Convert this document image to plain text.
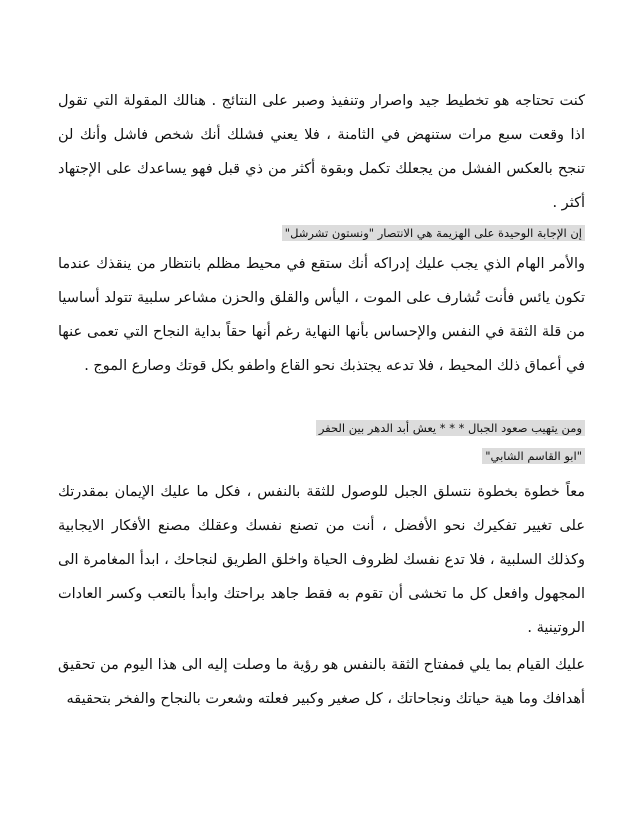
كنت تحتاجه هو تخطيط جيد واصرار وتنفيذ وصبر على النتائج . هنالك المقولة التي تقول اذا وقعت سبع مرات ستنهض في الثامنة ، فلا يعني فشلك أنك شخص فاشل وأنك لن تنجح بالعكس الفشل من يجعلك تكمل وبقوة أكثر من ذي قبل فهو يساعدك على الإجتهاد أكثر .

إن الإجابة الوحيدة على الهزيمة هي الانتصار "ونستون تشرشل"

والأمر الهام الذي يجب عليك إدراكه أنك ستقع في محيط مظلم بانتظار من ينقذك عندما تكون يائس فأنت تُشارف على الموت ، اليأس والقلق والحزن مشاعر سلبية تتولد أساسيا من قلة الثقة في النفس والإحساس بأنها النهاية رغم أنها حقاً بداية النجاح التي تعمى عنها في أعماق ذلك المحيط ، فلا تدعه يجتذبك نحو القاع واطفو بكل قوتك وصارع الموج .

ومن يتهيب صعود الجبال * * * يعش أبد الدهر بين الحفر

"ابو القاسم الشابي"

معاً خطوة بخطوة نتسلق الجبل للوصول للثقة بالنفس ، فكل ما عليك الإيمان بمقدرتك على تغيير تفكيرك نحو الأفضل ، أنت من تصنع نفسك وعقلك مصنع الأفكار الايجابية وكذلك السلبية ، فلا تدع نفسك لظروف الحياة واخلق الطريق لنجاحك ، ابدأ المغامرة الى المجهول وافعل كل ما تخشى أن تقوم به فقط جاهد براحتك وابدأ بالتعب وكسر العادات الروتينية .

عليك القيام بما يلي فمفتاح الثقة بالنفس هو رؤية ما وصلت إليه الى هذا اليوم من تحقيق أهدافك وما هية حياتك ونجاحاتك ، كل صغير وكبير فعلته وشعرت بالنجاح والفخر بتحقيقه
